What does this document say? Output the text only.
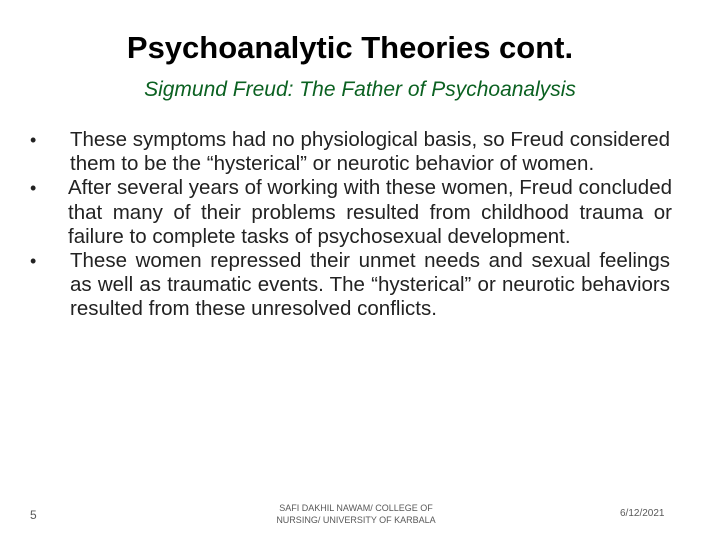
Psychoanalytic Theories cont.
Sigmund Freud: The Father of Psychoanalysis
• These symptoms had no physiological basis, so Freud considered them to be the “hysterical” or neurotic behavior of women.
• After several years of working with these women, Freud concluded that many of their problems resulted from childhood trauma or failure to complete tasks of psychosexual development.
• These women repressed their unmet needs and sexual feelings as well as traumatic events. The “hysterical” or neurotic behaviors resulted from these unresolved conflicts.
5	SAFI DAKHIL NAWAM/ COLLEGE OF
NURSING/ UNIVERSITY OF KARBALA
6/12/2021
